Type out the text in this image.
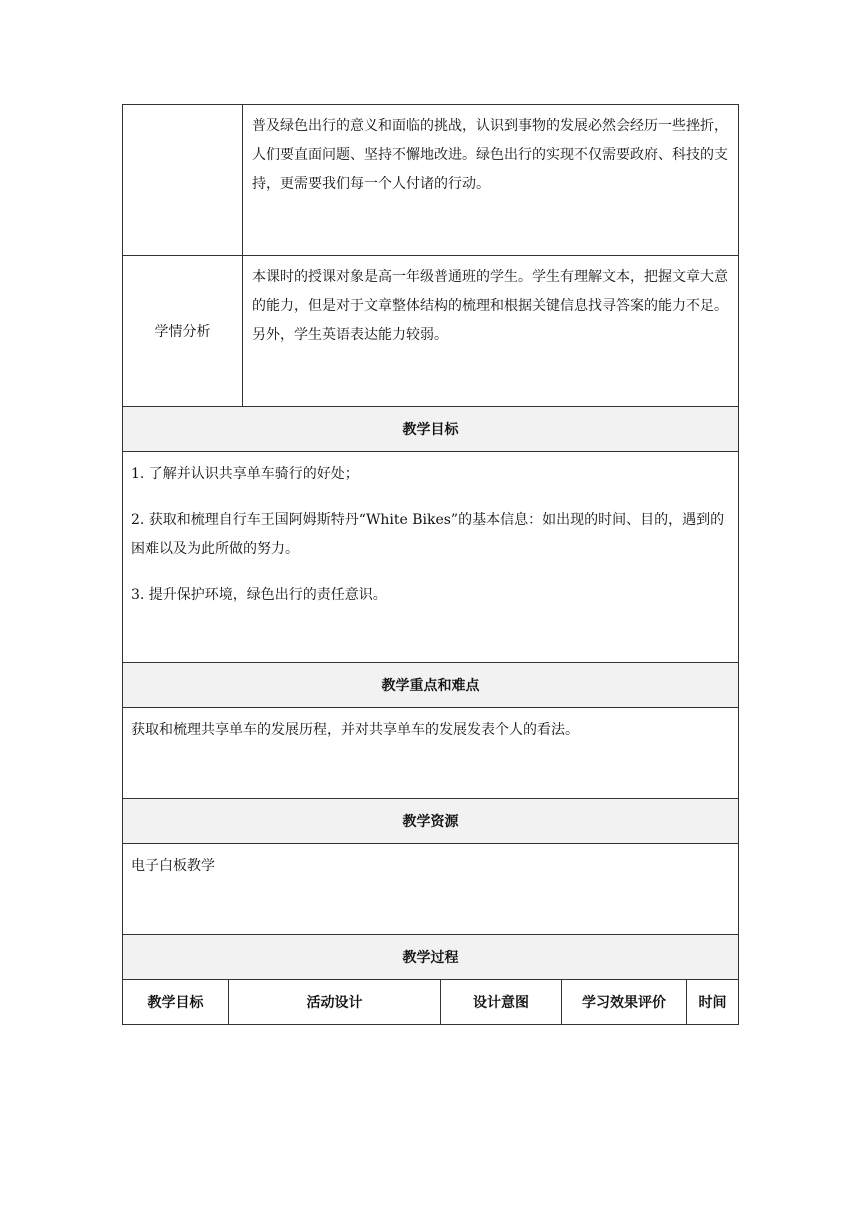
	普及绿色出行的意义和面临的挑战，认识到事物的发展必然会经历一些挫折，人们要直面问题、坚持不懈地改进。绿色出行的实现不仅需要政府、科技的支持，更需要我们每一个人付诸的行动。
学情分析	本课时的授课对象是高一年级普通班的学生。学生有理解文本，把握文章大意的能力，但是对于文章整体结构的梳理和根据关键信息找寻答案的能力不足。另外，学生英语表达能力较弱。
教学目标	

1. 了解并认识共享单车骑行的好处；
2. 获取和梳理自行车王国阿姆斯特丹“White Bikes”的基本信息：如出现的时间、目的，遇到的困难以及为此所做的努力。
3. 提升保护环境，绿色出行的责任意识。	

教学重点和难点	
获取和梳理共享单车的发展历程，并对共享单车的发展发表个人的看法。	
教学资源	
电子白板教学	
教学过程	
教学目标	活动设计	设计意图	学习效果评价	时间
